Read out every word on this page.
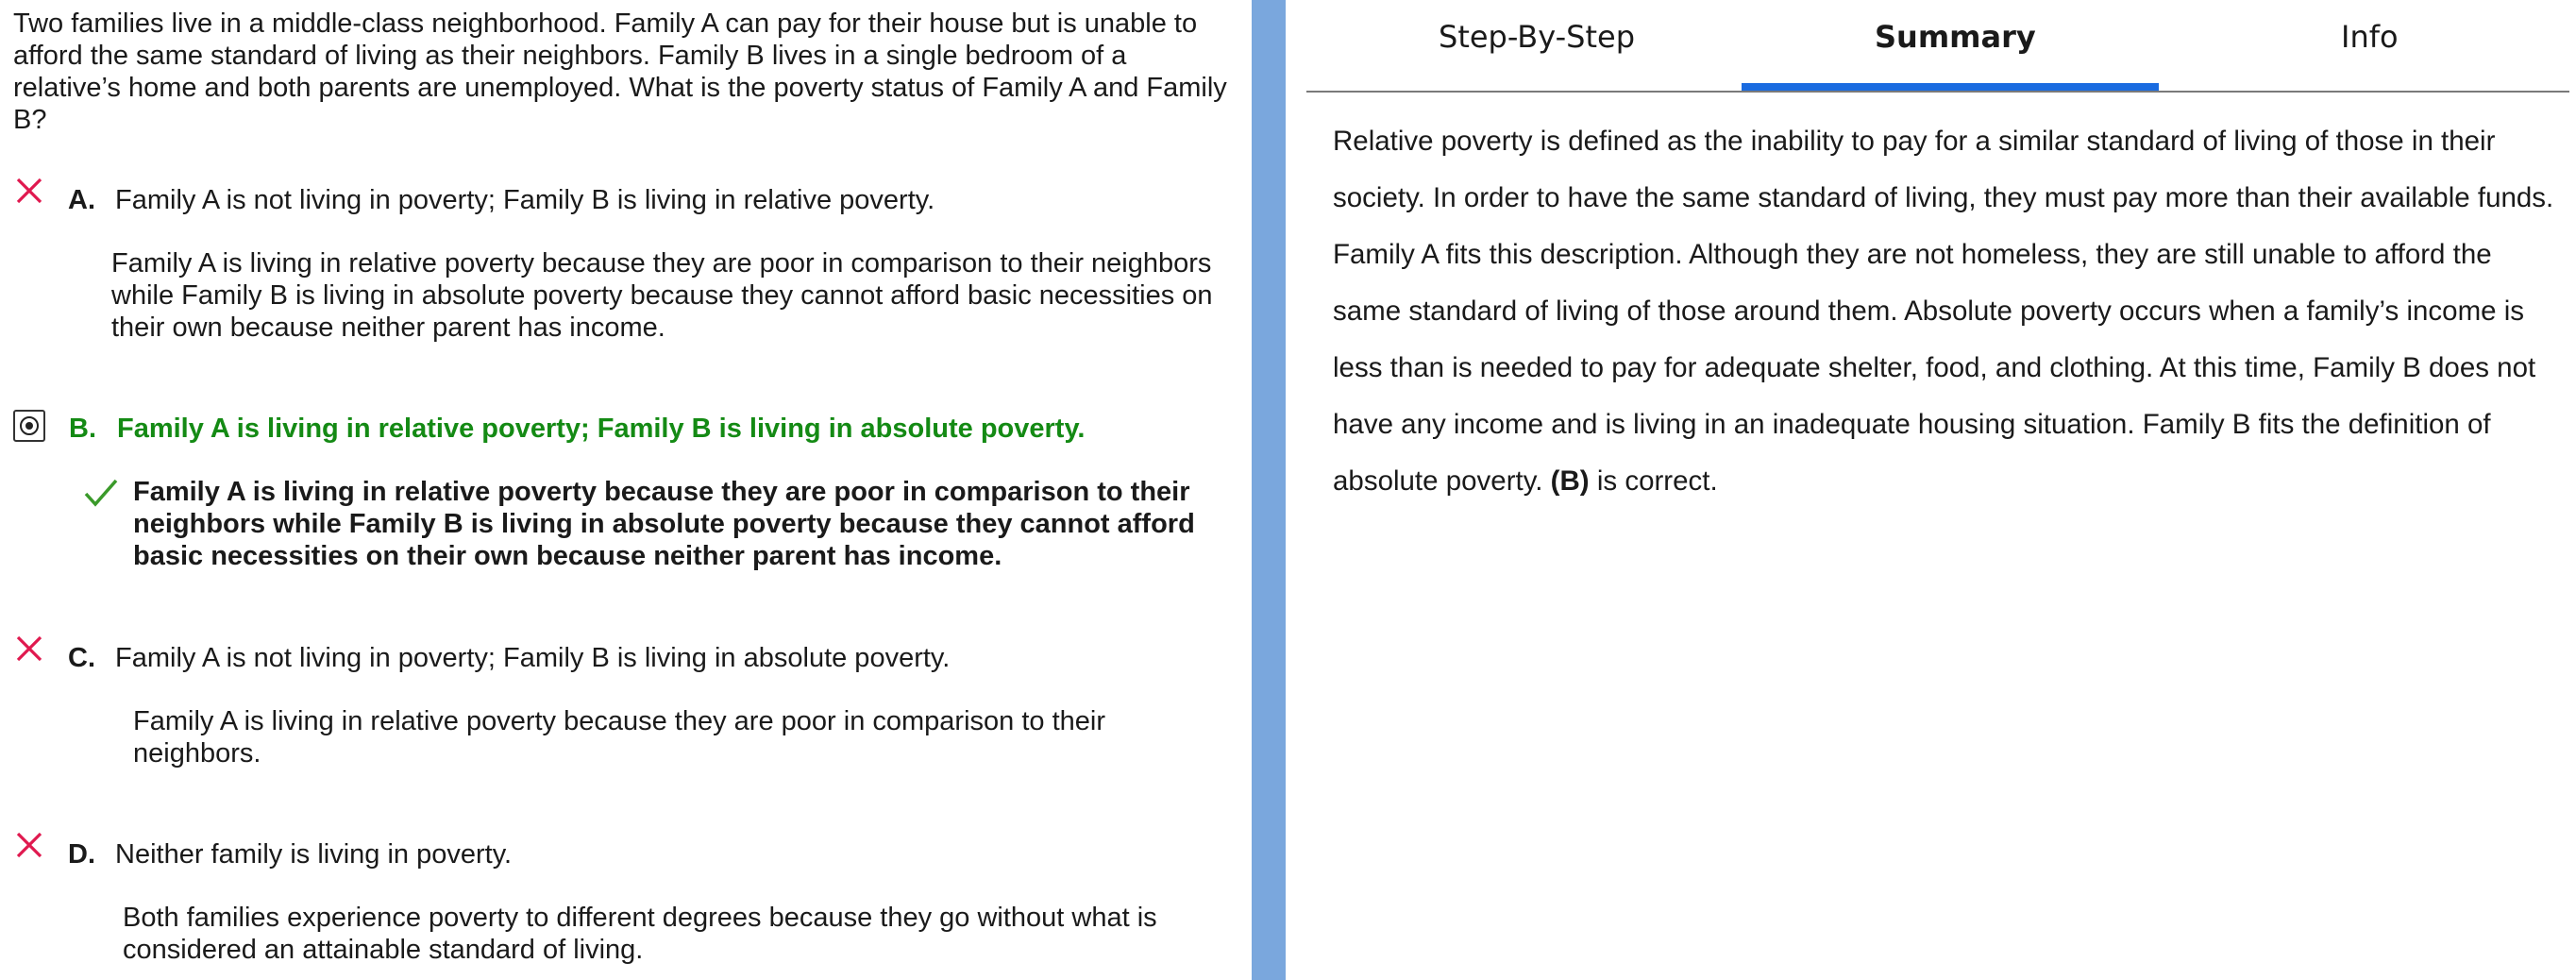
Two families live in a middle-class neighborhood. Family A can pay for their house but is unable to afford the same standard of living as their neighbors. Family B lives in a single bedroom of a relative’s home and both parents are unemployed. What is the poverty status of Family A and Family B?

A. Family A is not living in poverty; Family B is living in relative poverty.
Family A is living in relative poverty because they are poor in comparison to their neighbors while Family B is living in absolute poverty because they cannot afford basic necessities on their own because neither parent has income.
B. Family A is living in relative poverty; Family B is living in absolute poverty.
Family A is living in relative poverty because they are poor in comparison to their neighbors while Family B is living in absolute poverty because they cannot afford basic necessities on their own because neither parent has income.
C. Family A is not living in poverty; Family B is living in absolute poverty.
Family A is living in relative poverty because they are poor in comparison to their neighbors.
D. Neither family is living in poverty.
Both families experience poverty to different degrees because they go without what is considered an attainable standard of living.
Step-By-Step	Summary	Info

Relative poverty is defined as the inability to pay for a similar standard of living of those in their society. In order to have the same standard of living, they must pay more than their available funds. Family A fits this description. Although they are not homeless, they are still unable to afford the same standard of living of those around them. Absolute poverty occurs when a family’s income is less than is needed to pay for adequate shelter, food, and clothing. At this time, Family B does not have any income and is living in an inadequate housing situation. Family B fits the definition of absolute poverty. (B) is correct.
